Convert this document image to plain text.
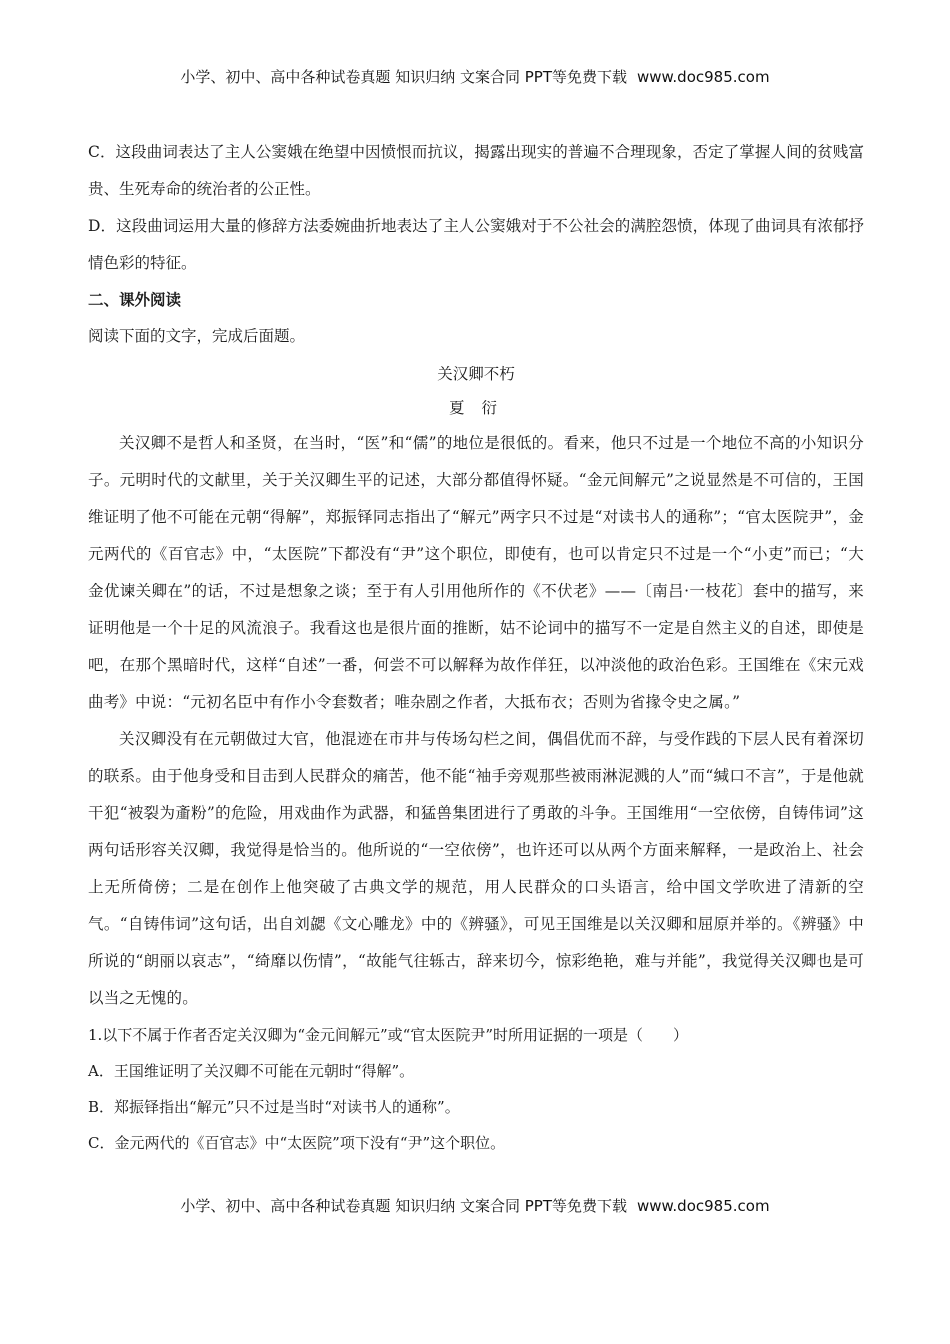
小学、初中、高中各种试卷真题 知识归纳 文案合同 PPT等免费下载 www.doc985.com

C．这段曲词表达了主人公窦娥在绝望中因愤恨而抗议，揭露出现实的普遍不合理现象，否定了掌握人间的贫贱富贵、生死寿命的统治者的公正性。

D．这段曲词运用大量的修辞方法委婉曲折地表达了主人公窦娥对于不公社会的满腔怨愤，体现了曲词具有浓郁抒情色彩的特征。

二、课外阅读

阅读下面的文字，完成后面题。

关汉卿不朽

夏 衍

关汉卿不是哲人和圣贤，在当时，“医”和“儒”的地位是很低的。看来，他只不过是一个地位不高的小知识分子。元明时代的文献里，关于关汉卿生平的记述，大部分都值得怀疑。“金元间解元”之说显然是不可信的，王国维证明了他不可能在元朝“得解”，郑振铎同志指出了“解元”两字只不过是“对读书人的通称”；“官太医院尹”，金元两代的《百官志》中，“太医院”下都没有“尹”这个职位，即使有，也可以肯定只不过是一个“小吏”而已；“大金优谏关卿在”的话，不过是想象之谈；至于有人引用他所作的《不伏老》——〔南吕·一枝花〕套中的描写，来证明他是一个十足的风流浪子。我看这也是很片面的推断，姑不论词中的描写不一定是自然主义的自述，即使是吧，在那个黑暗时代，这样“自述”一番，何尝不可以解释为故作佯狂，以冲淡他的政治色彩。王国维在《宋元戏曲考》中说：“元初名臣中有作小令套数者；唯杂剧之作者，大抵布衣；否则为省掾令史之属。”

关汉卿没有在元朝做过大官，他混迹在市井与传场勾栏之间，偶倡优而不辞，与受作践的下层人民有着深切的联系。由于他身受和目击到人民群众的痛苦，他不能“袖手旁观那些被雨淋泥溅的人”而“缄口不言”，于是他就干犯“被裂为齑粉”的危险，用戏曲作为武器，和猛兽集团进行了勇敢的斗争。王国维用“一空依傍，自铸伟词”这两句话形容关汉卿，我觉得是恰当的。他所说的“一空依傍”，也许还可以从两个方面来解释，一是政治上、社会上无所倚傍；二是在创作上他突破了古典文学的规范，用人民群众的口头语言，给中国文学吹进了清新的空气。“自铸伟词”这句话，出自刘勰《文心雕龙》中的《辨骚》，可见王国维是以关汉卿和屈原并举的。《辨骚》中所说的“朗丽以哀志”，“绮靡以伤情”，“故能气往轹古，辞来切今，惊彩绝艳，难与并能”，我觉得关汉卿也是可以当之无愧的。

1.以下不属于作者否定关汉卿为“金元间解元”或“官太医院尹”时所用证据的一项是（　　）

A．王国维证明了关汉卿不可能在元朝时“得解”。

B．郑振铎指出“解元”只不过是当时“对读书人的通称”。

C．金元两代的《百官志》中“太医院”项下没有“尹”这个职位。

小学、初中、高中各种试卷真题 知识归纳 文案合同 PPT等免费下载 www.doc985.com
